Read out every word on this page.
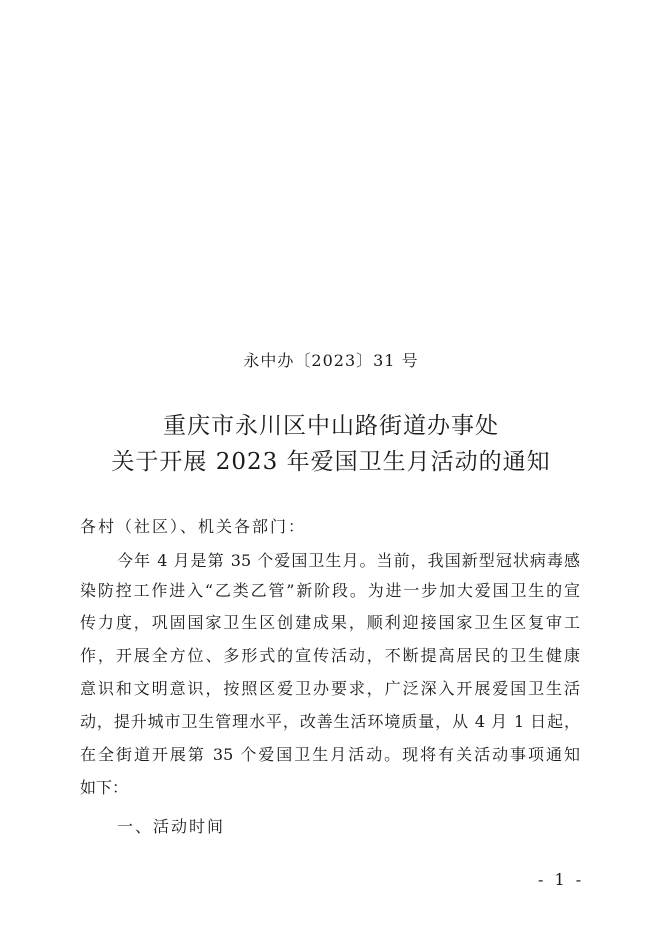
永中办〔2023〕31 号
重庆市永川区中山路街道办事处
关于开展 2023 年爱国卫生月活动的通知
各村（社区）、机关各部门：
今年 4 月是第 35 个爱国卫生月。当前，我国新型冠状病毒感
染防控工作进入“乙类乙管”新阶段。为进一步加大爱国卫生的宣
传力度，巩固国家卫生区创建成果，顺利迎接国家卫生区复审工
作，开展全方位、多形式的宣传活动，不断提高居民的卫生健康
意识和文明意识，按照区爱卫办要求，广泛深入开展爱国卫生活
动，提升城市卫生管理水平，改善生活环境质量，从 4 月 1 日起，
在全街道开展第 35 个爱国卫生月活动。现将有关活动事项通知
如下：
一、活动时间
- 1 -
